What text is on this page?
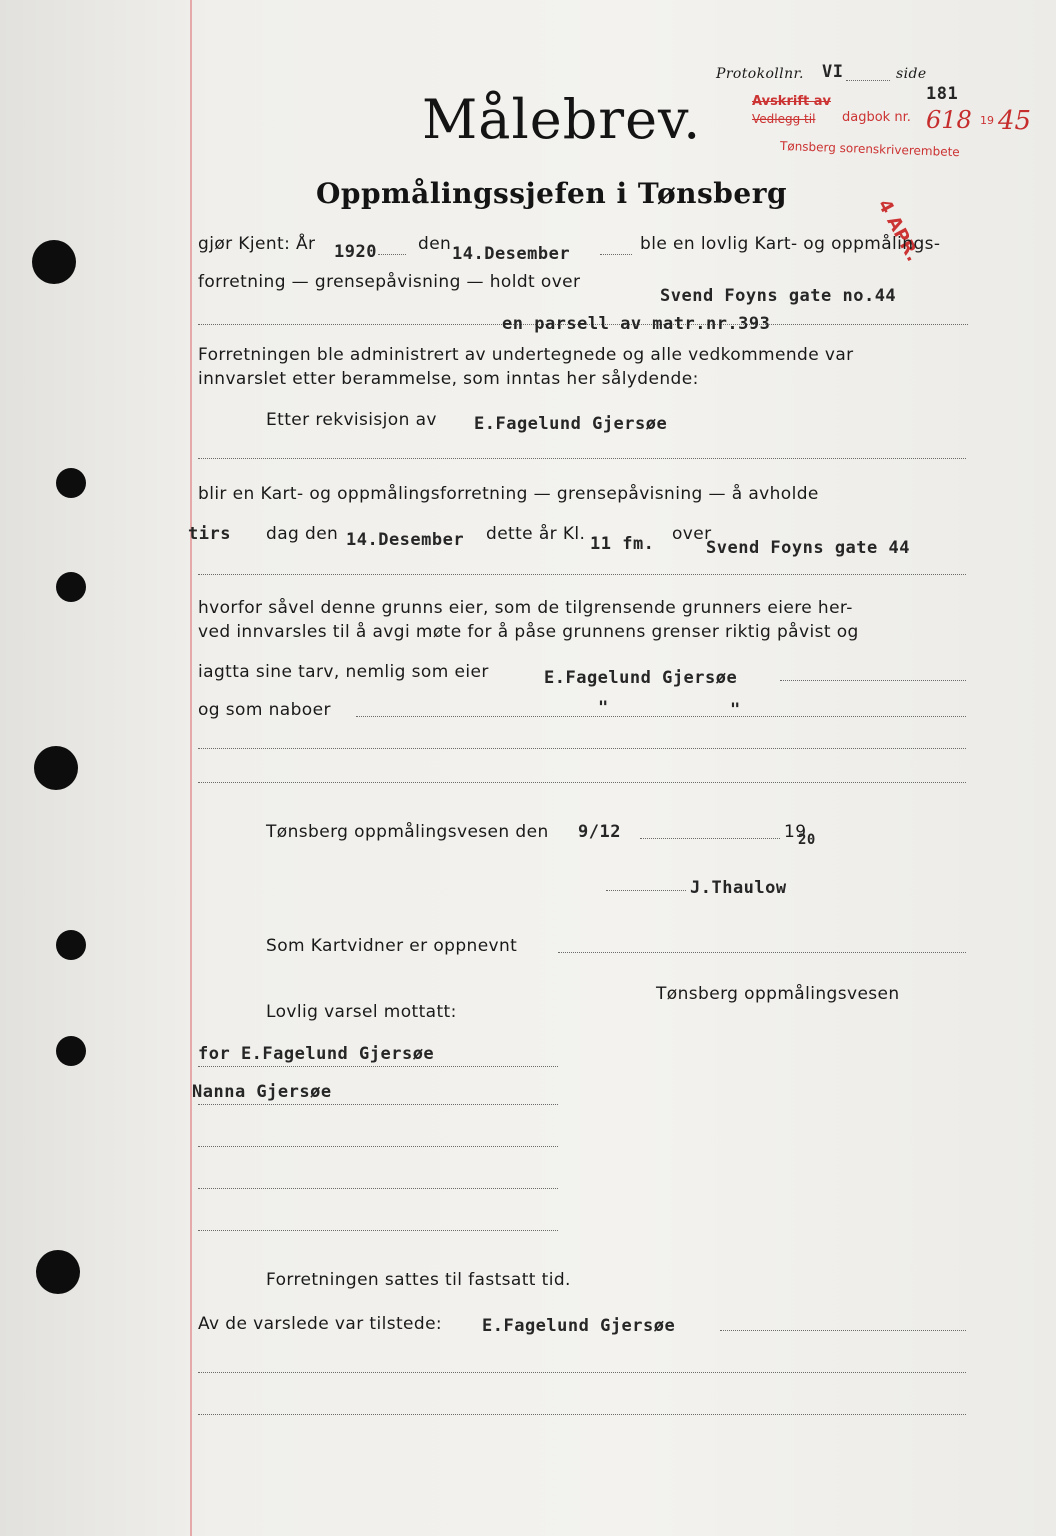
Protokollnr. VI	side
181
Avskrift av
Vedlegg til dagbok nr. 618 19 45
Tønsberg sorenskriverembete
4 APR.
Målebrev.
Oppmålingssjefen i Tønsberg
gjør Kjent: År 1920 den 14.Desember	ble en lovlig Kart- og oppmålings-
forretning — grensepåvisning — holdt over
Svend Foyns gate no.44
en parsell av matr.nr.393
Forretningen ble administrert av undertegnede og alle vedkommende var
innvarslet etter berammelse, som inntas her sålydende:
Etter rekvisisjon av E.Fagelund Gjersøe
blir en Kart- og oppmålingsforretning — grensepåvisning — å avholde
tirs dag den 14.Desember dette år Kl. 11 fm. over
Svend Foyns gate 44
hvorfor såvel denne grunns eier, som de tilgrensende grunners eiere her-
ved innvarsles til å avgi møte for å påse grunnens grenser riktig påvist og
iagtta sine tarv, nemlig som eier	E.Fagelund Gjersøe
og som naboer	"	"
Tønsberg oppmålingsvesen den 9/12	19
20
J.Thaulow
Som Kartvidner er oppnevnt
Tønsberg oppmålingsvesen
Lovlig varsel mottatt:
for E.Fagelund Gjersøe
Nanna Gjersøe
Forretningen sattes til fastsatt tid.
Av de varslede var tilstede: E.Fagelund Gjersøe
